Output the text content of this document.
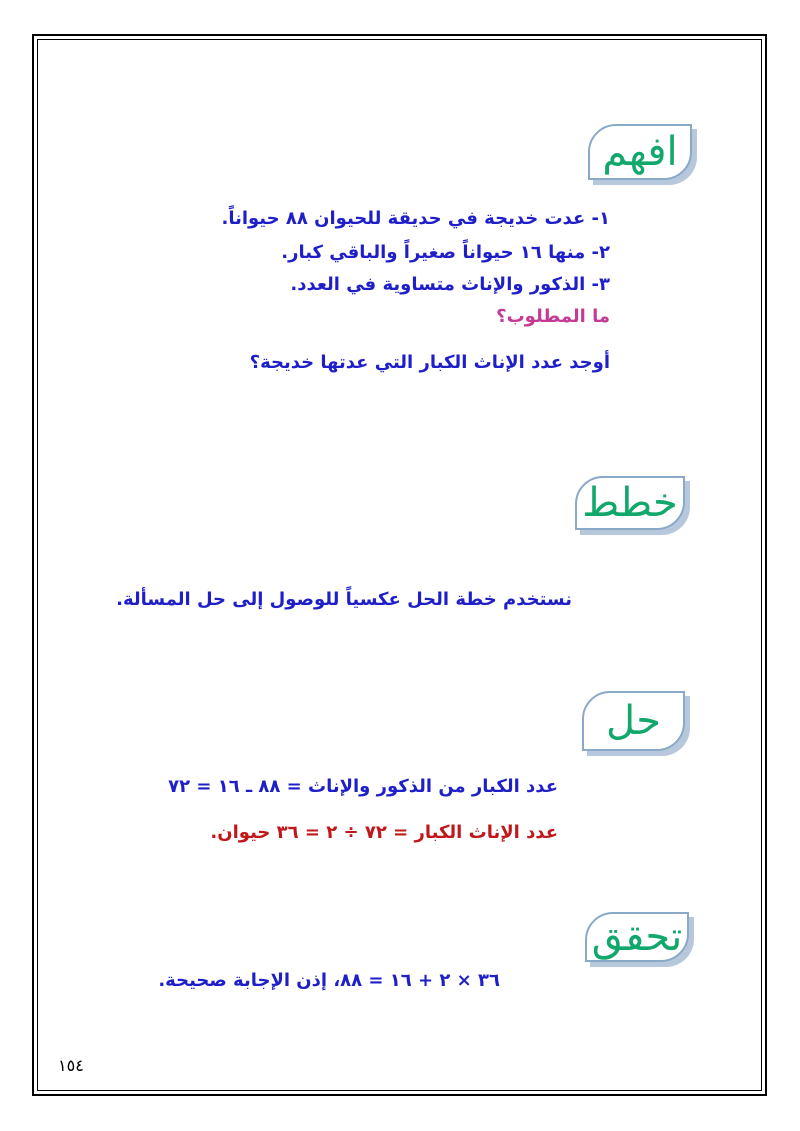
افهم
١- عدت خديجة في حديقة للحيوان ٨٨ حيواناً.
٢- منها ١٦ حيواناً صغيراً والباقي كبار.
٣- الذكور والإناث متساوية في العدد.
ما المطلوب؟
أوجد عدد الإناث الكبار التي عدتها خديجة؟
خطط
نستخدم خطة الحل عكسياً للوصول إلى حل المسألة.
حل
عدد الكبار من الذكور والإناث = ٨٨ ـ ١٦ = ٧٢
عدد الإناث الكبار = ٧٢ ÷ ٢ = ٣٦ حيوان.
تحقق
٣٦ × ٢ + ١٦ = ٨٨، إذن الإجابة صحيحة.
١٥٤
